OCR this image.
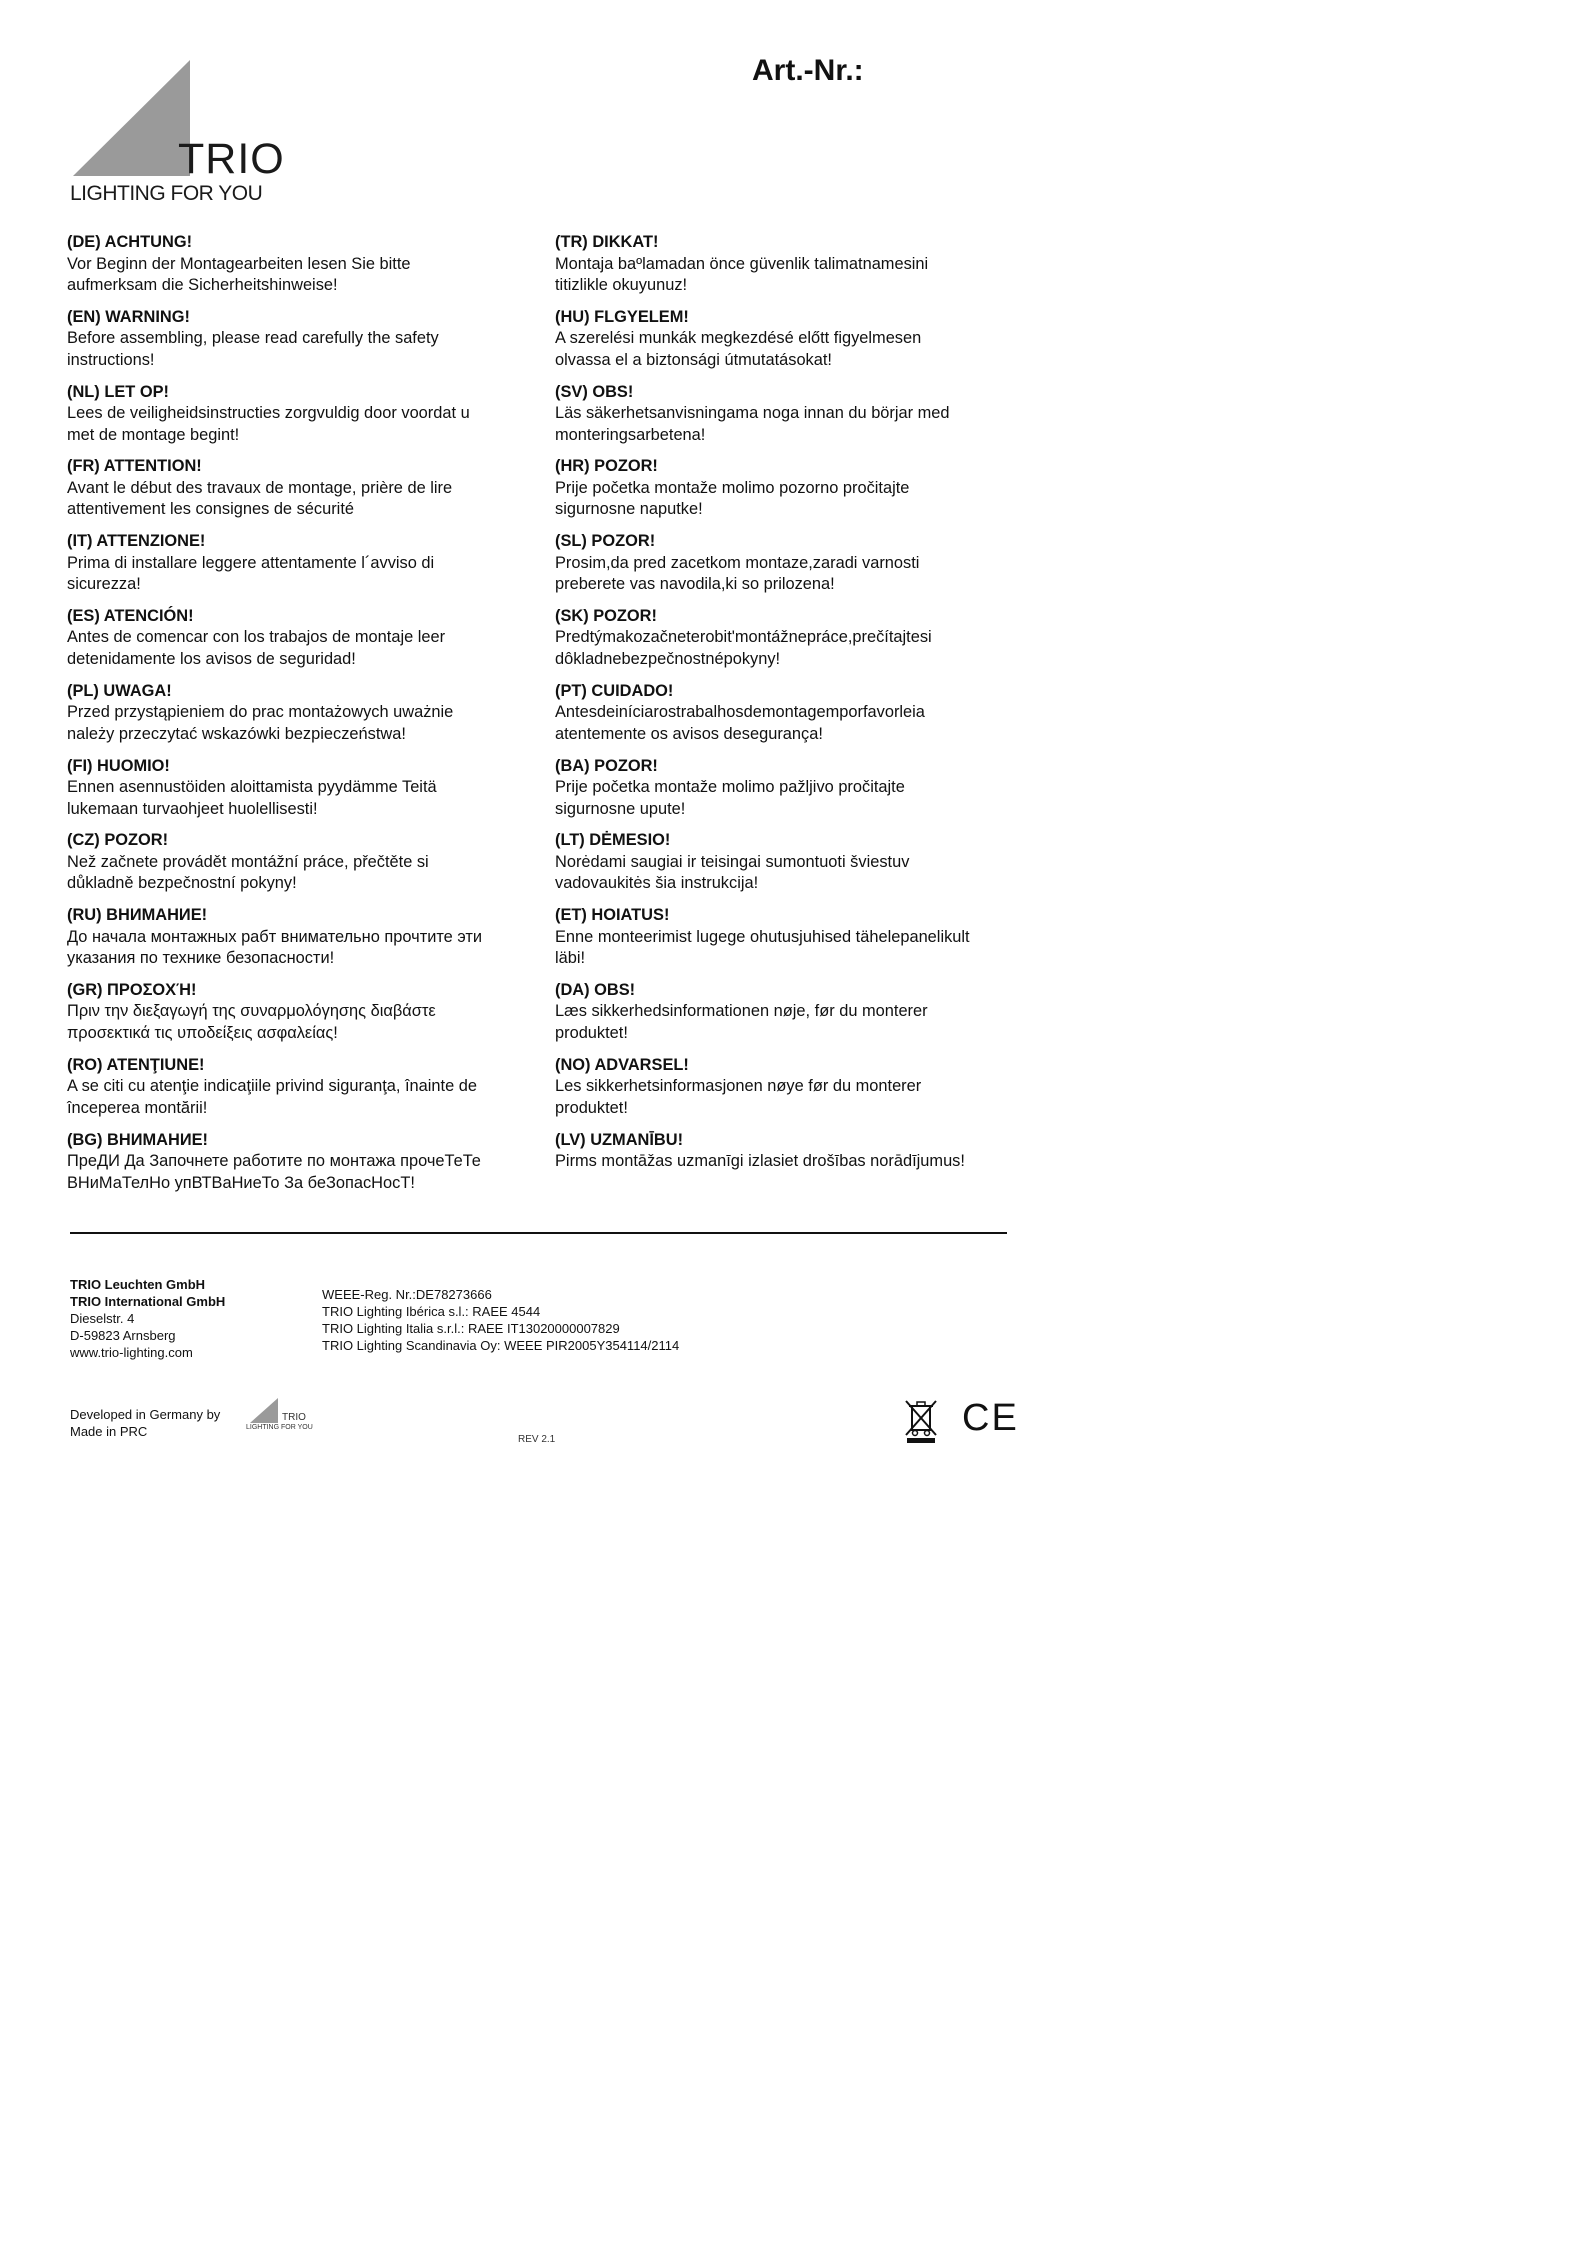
TRIO
LIGHTING FOR YOU
Art.-Nr.:
(DE) ACHTUNG!
Vor Beginn der Montagearbeiten lesen Sie bitte
aufmerksam die Sicherheitshinweise!
(EN) WARNING!
Before assembling, please read carefully the safety
instructions!
(NL) LET OP!
Lees de veiligheidsinstructies zorgvuldig door voordat u
met de montage begint!
(FR) ATTENTION!
Avant le début des travaux de montage, prière de lire
attentivement les consignes de sécurité
(IT) ATTENZIONE!
Prima di installare leggere attentamente l´avviso di
sicurezza!
(ES) ATENCIÓN!
Antes de comenсar con los trabajos de montaje leer
detenidamente los avisos de seguridad!
(PL) UWAGA!
Przed przystąpieniem do prac montażowych uważnie
należy przeczytać wskazówki bezpieczeństwa!
(FI) HUOMIO!
Ennen asennustöiden aloittamista pyydämme Teitä
lukemaan turvaohjeet huolellisesti!
(CZ) POZOR!
Než začnete provádět montážní práce, přečtěte si
důkladně bezpečnostní pokyny!
(RU) ВНИМАНИЕ!
До начала монтажных рабт внимательно прочтите эти
указания по технике безопасности!
(GR) ΠΡΟΣΟΧΉ!
Πριν την διεξαγωγή της συναρμολόγησης διαβάστε
προσεκτικά τις υποδείξεις ασφαλείας!
(RO) ATENŢIUNE!
A se citi cu atenţie indicaţiile privind siguranţa, înainte de
începerea montării!
(BG) ВНИМАНИЕ!
ПреДИ Да Започнете работите по монтажа прочеТеТе
ВНиМаТелНо упВТВаНиеТо За беЗопасНосТ!
(TR) DIKKAT!
Montaja baºlamadan önce güvenlik talimatnamesini
titizlikle okuyunuz!
(HU) FLGYELEM!
A szerelési munkák megkezdésé előtt figyelmesen
olvassa el a biztonsági útmutatásokat!
(SV) OBS!
Läs säkerhetsanvisningama noga innan du börjar med
monteringsarbetena!
(HR) POZOR!
Prije početka montaže molimo pozorno pročitajte
sigurnosne naputke!
(SL) POZOR!
Prosim,da pred zacetkom montaze,zaradi varnosti
preberete vas navodila,ki so prilozena!
(SK) POZOR!
Predtýmakozačneterobit'montážnepráce,prečítajtesi
dôkladnebezpečnostnépokyny!
(PT) CUIDADO!
Antesdeiníciarostrabalhosdemontagemporfavorleia
atentemente os avisos desegurança!
(BA) POZOR!
Prije početka montaže molimo pažljivo pročitajte
sigurnosne upute!
(LT) DĖMESIO!
Norėdami saugiai ir teisingai sumontuoti šviestuv
vadovaukitės šia instrukcija!
(ET) HOIATUS!
Enne monteerimist lugege ohutusjuhised tähelepanelikult
läbi!
(DA) OBS!
Læs sikkerhedsinformationen nøje, før du monterer
produktet!
(NO) ADVARSEL!
Les sikkerhetsinformasjonen nøye før du monterer
produktet!
(LV) UZMANĪBU!
Pirms montāžas uzmanīgi izlasiet drošības norādījumus!
TRIO Leuchten GmbH
TRIO International GmbH
Dieselstr. 4
D-59823 Arnsberg
www.trio-lighting.com
WEEE-Reg. Nr.:DE78273666
TRIO Lighting Ibérica s.l.: RAEE 4544
TRIO Lighting Italia s.r.l.: RAEE IT13020000007829
TRIO Lighting Scandinavia Oy: WEEE PIR2005Y354114/2114
Developed in Germany by
Made in PRC
TRIO
LIGHTING FOR YOU
REV 2.1
CE
